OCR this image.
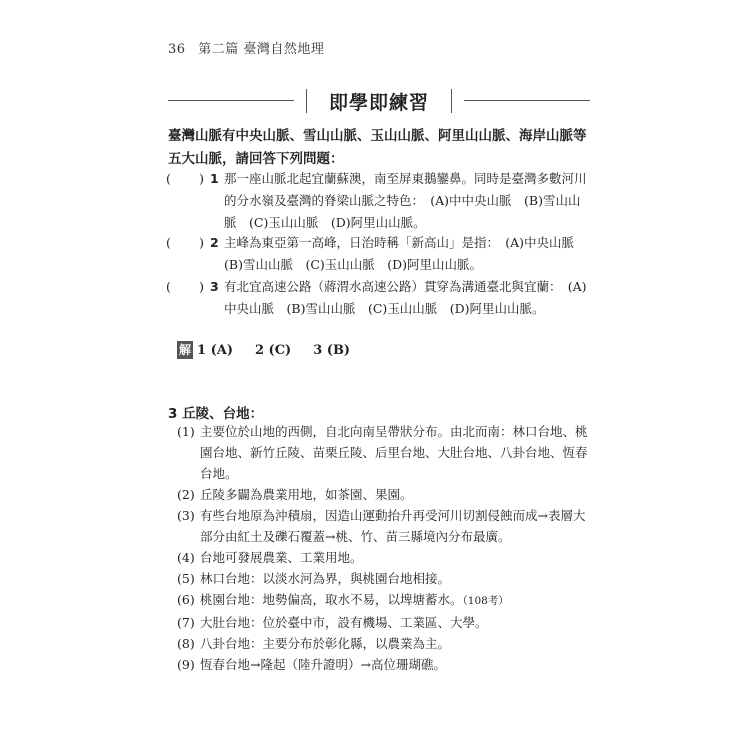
36 第二篇 臺灣自然地理
即學即練習
臺灣山脈有中央山脈、雪山山脈、玉山山脈、阿里山山脈、海岸山脈等五大山脈，請回答下列問題：
( ) 1 那一座山脈北起宜蘭蘇澳，南至屏東鵝鑾鼻。同時是臺灣多數河川的分水嶺及臺灣的脊梁山脈之特色：　(A)中中央山脈　(B)雪山山脈　(C)玉山山脈　(D)阿里山山脈。
( ) 2 主峰為東亞第一高峰，日治時稱「新高山」是指：　(A)中央山脈　(B)雪山山脈　(C)玉山山脈　(D)阿里山山脈。
( ) 3 有北宜高速公路（蔣渭水高速公路）貫穿為溝通臺北與宜蘭：　(A)中央山脈　(B)雪山山脈　(C)玉山山脈　(D)阿里山山脈。
解 1 (A) 2 (C) 3 (B)
3 丘陵、台地：
(1) 主要位於山地的西側，自北向南呈帶狀分布。由北而南：林口台地、桃園台地、新竹丘陵、苗栗丘陵、后里台地、大肚台地、八卦台地、恆春台地。
(2) 丘陵多闢為農業用地，如茶園、果園。
(3) 有些台地原為沖積扇，因造山運動抬升再受河川切割侵蝕而成→表層大部分由紅土及礫石覆蓋→桃、竹、苗三縣境內分布最廣。
(4) 台地可發展農業、工業用地。
(5) 林口台地：以淡水河為界，與桃園台地相接。
(6) 桃園台地：地勢偏高，取水不易，以埤塘蓄水。（108考）
(7) 大肚台地：位於臺中市，設有機場、工業區、大學。
(8) 八卦台地：主要分布於彰化縣，以農業為主。
(9) 恆春台地→隆起（陸升證明）→高位珊瑚礁。
